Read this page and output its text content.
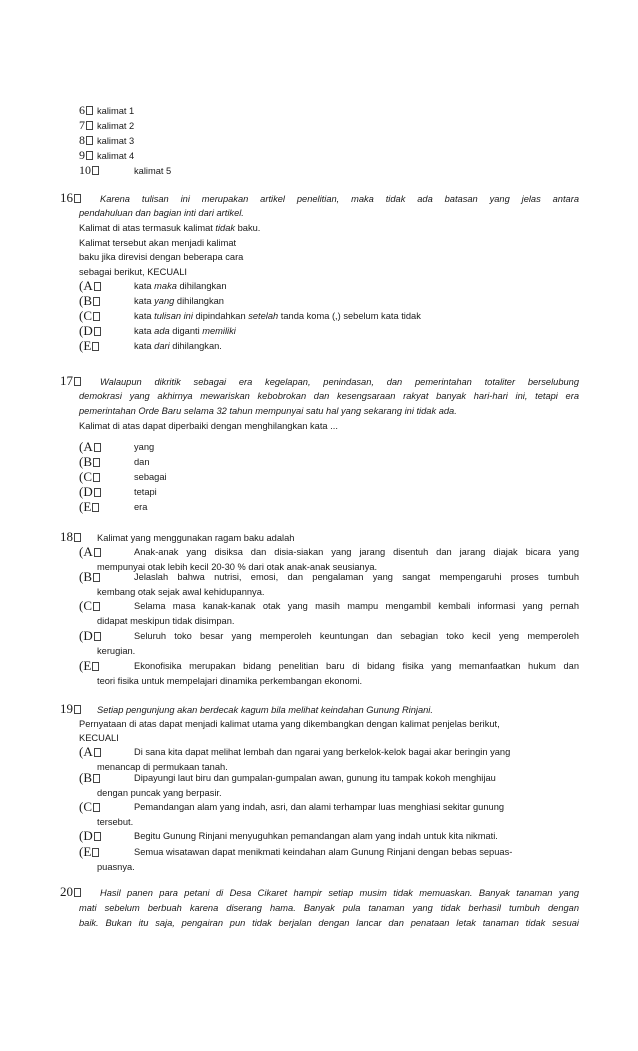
6	kalimat 1
7	kalimat 2
8	kalimat 3
9	kalimat 4
10	kalimat 5
16	Karena tulisan ini merupakan artikel penelitian, maka tidak ada batasan yang jelas antara
pendahuluan dan bagian inti dari artikel.
Kalimat di atas termasuk kalimat tidak baku.
Kalimat tersebut akan menjadi kalimat
baku jika direvisi dengan beberapa cara
sebagai berikut, KECUALI
(A	kata maka dihilangkan
(B	kata yang dihilangkan
(C	kata tulisan ini dipindahkan setelah tanda koma (,) sebelum kata tidak
(D	kata ada diganti memiliki
(E	kata dari dihilangkan.
17	Walaupun dikritik sebagai era kegelapan, penindasan, dan pemerintahan totaliter berselubung
demokrasi yang akhirnya mewariskan kebobrokan dan kesengsaraan rakyat banyak hari-hari ini, tetapi era
pemerintahan Orde Baru selama 32 tahun mempunyai satu hal yang sekarang ini tidak ada.
Kalimat di atas dapat diperbaiki dengan menghilangkan kata ...
(A	yang
(B	dan
(C	sebagai
(D	tetapi
(E	era
18	Kalimat yang menggunakan ragam baku adalah
(A	Anak-anak yang disiksa dan disia-siakan yang jarang disentuh dan jarang diajak bicara yang
mempunyai otak lebih kecil 20-30 % dari otak anak-anak seusianya.
(B	Jelaslah bahwa nutrisi, emosi, dan pengalaman yang sangat mempengaruhi proses tumbuh
kembang otak sejak awal kehidupannya.
(C	Selama masa kanak-kanak otak yang masih mampu mengambil kembali informasi yang pernah
didapat meskipun tidak disimpan.
(D	Seluruh toko besar yang memperoleh keuntungan dan sebagian toko kecil yeng memperoleh
kerugian.
(E	Ekonofisika merupakan bidang penelitian baru di bidang fisika yang memanfaatkan hukum dan
teori fisika untuk mempelajari dinamika perkembangan ekonomi.
19	Setiap pengunjung akan berdecak kagum bila melihat keindahan Gunung Rinjani.
Pernyataan di atas dapat menjadi kalimat utama yang dikembangkan dengan kalimat penjelas berikut,
KECUALI
(A	Di sana kita dapat melihat lembah dan ngarai yang berkelok-kelok bagai akar beringin yang
menancap di permukaan tanah.
(B	Dipayungi laut biru dan gumpalan-gumpalan awan, gunung itu tampak kokoh menghijau
dengan puncak yang berpasir.
(C	Pemandangan alam yang indah, asri, dan alami terhampar luas menghiasi sekitar gunung
tersebut.
(D	Begitu Gunung Rinjani menyuguhkan pemandangan alam yang indah untuk kita nikmati.
(E	Semua wisatawan dapat menikmati keindahan alam Gunung Rinjani dengan bebas sepuas-
puasnya.
20	Hasil panen para petani di Desa Cikaret hampir setiap musim tidak memuaskan. Banyak tanaman yang
mati sebelum berbuah karena diserang hama. Banyak pula tanaman yang tidak berhasil tumbuh dengan
baik. Bukan itu saja, pengairan pun tidak berjalan dengan lancar dan penataan letak tanaman tidak sesuai
